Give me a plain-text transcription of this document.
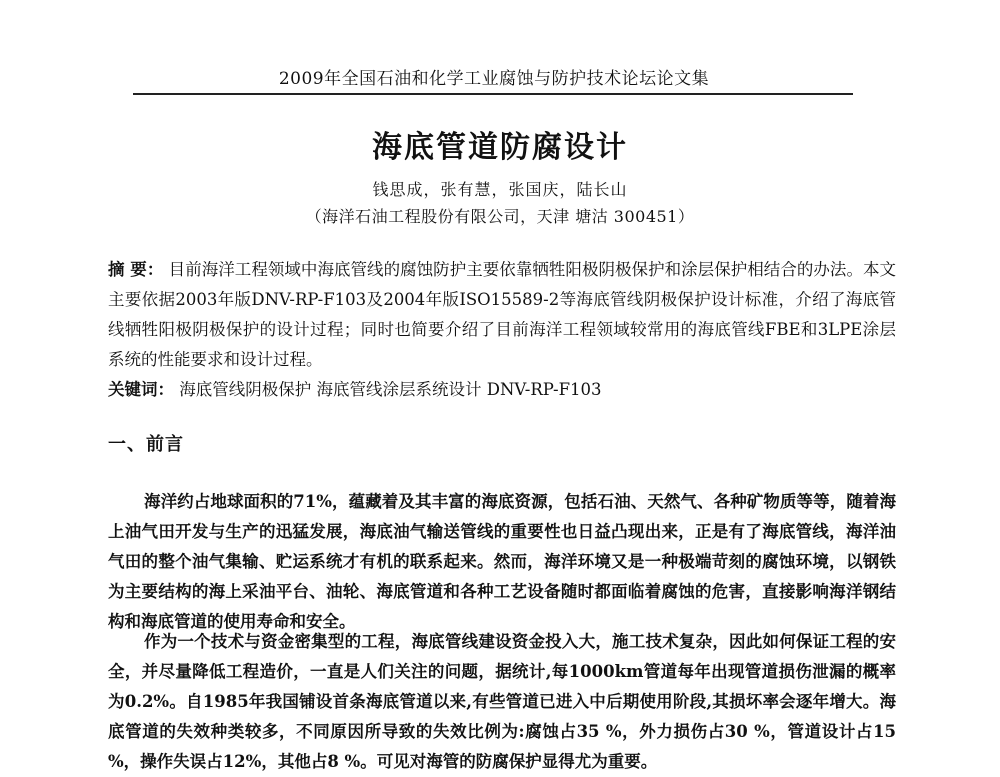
2009年全国石油和化学工业腐蚀与防护技术论坛论文集
海底管道防腐设计
钱思成，张有慧，张国庆，陆长山
（海洋石油工程股份有限公司，天津 塘沽 300451）
摘 要： 目前海洋工程领域中海底管线的腐蚀防护主要依靠牺牲阳极阴极保护和涂层保护相结合的办法。本文主要依据2003年版DNV-RP-F103及2004年版ISO15589-2等海底管线阴极保护设计标准，介绍了海底管线牺牲阳极阴极保护的设计过程；同时也简要介绍了目前海洋工程领域较常用的海底管线FBE和3LPE涂层系统的性能要求和设计过程。
关键词： 海底管线阴极保护 海底管线涂层系统设计 DNV-RP-F103
一、前言
海洋约占地球面积的71%，蕴藏着及其丰富的海底资源，包括石油、天然气、各种矿物质等等，随着海上油气田开发与生产的迅猛发展，海底油气输送管线的重要性也日益凸现出来，正是有了海底管线，海洋油气田的整个油气集输、贮运系统才有机的联系起来。然而，海洋环境又是一种极端苛刻的腐蚀环境，以钢铁为主要结构的海上采油平台、油轮、海底管道和各种工艺设备随时都面临着腐蚀的危害，直接影响海洋钢结构和海底管道的使用寿命和安全。
作为一个技术与资金密集型的工程，海底管线建设资金投入大，施工技术复杂，因此如何保证工程的安全，并尽量降低工程造价，一直是人们关注的问题，据统计,每1000km管道每年出现管道损伤泄漏的概率为0.2%。自1985年我国铺设首条海底管道以来,有些管道已进入中后期使用阶段,其损坏率会逐年增大。海底管道的失效种类较多，不同原因所导致的失效比例为:腐蚀占35 %，外力损伤占30 %，管道设计占15 %，操作失误占12%，其他占8 %。可见对海管的防腐保护显得尤为重要。
